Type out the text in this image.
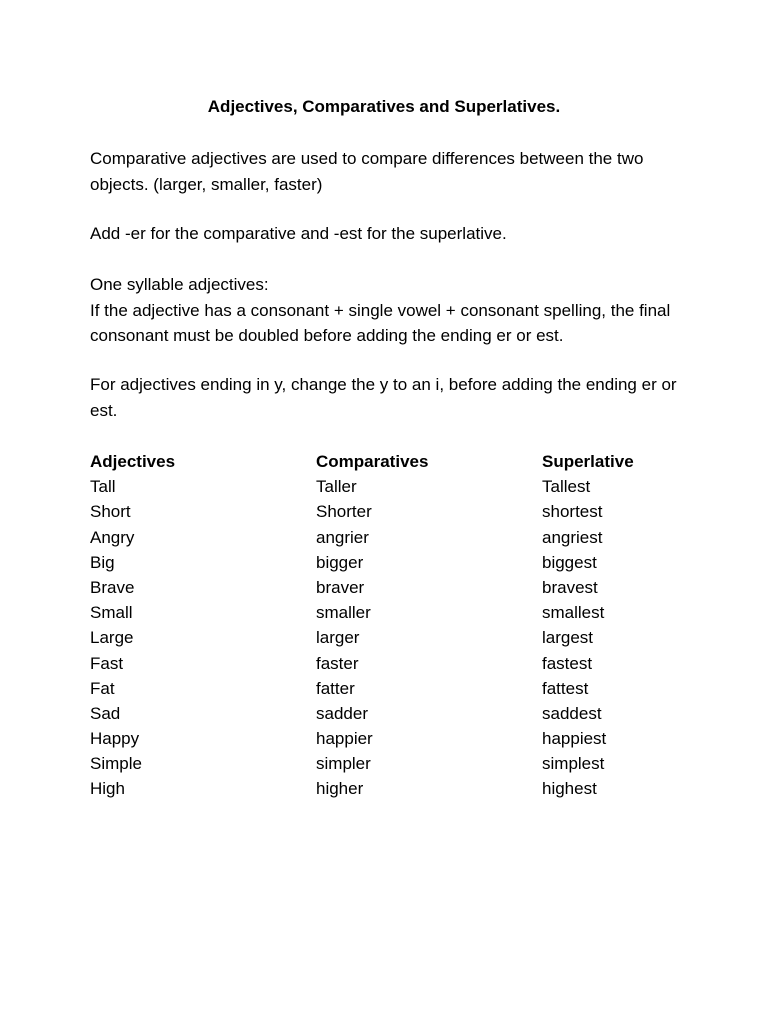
Adjectives, Comparatives and Superlatives.
Comparative adjectives are used to compare differences between the two objects. (larger, smaller, faster)
Add -er for the comparative and -est for the superlative.
One syllable adjectives:
If the adjective has a consonant + single vowel + consonant spelling, the final consonant must be doubled before adding the ending er or est.
For adjectives ending in y, change the y to an i, before adding the ending er or est.
Adjectives	Comparatives	Superlative
Tall	Taller	Tallest
Short	Shorter	shortest
Angry	angrier	angriest
Big	bigger	biggest
Brave	braver	bravest
Small	smaller	smallest
Large	larger	largest
Fast	faster	fastest
Fat	fatter	fattest
Sad	sadder	saddest
Happy	happier	happiest
Simple	simpler	simplest
High	higher	highest
